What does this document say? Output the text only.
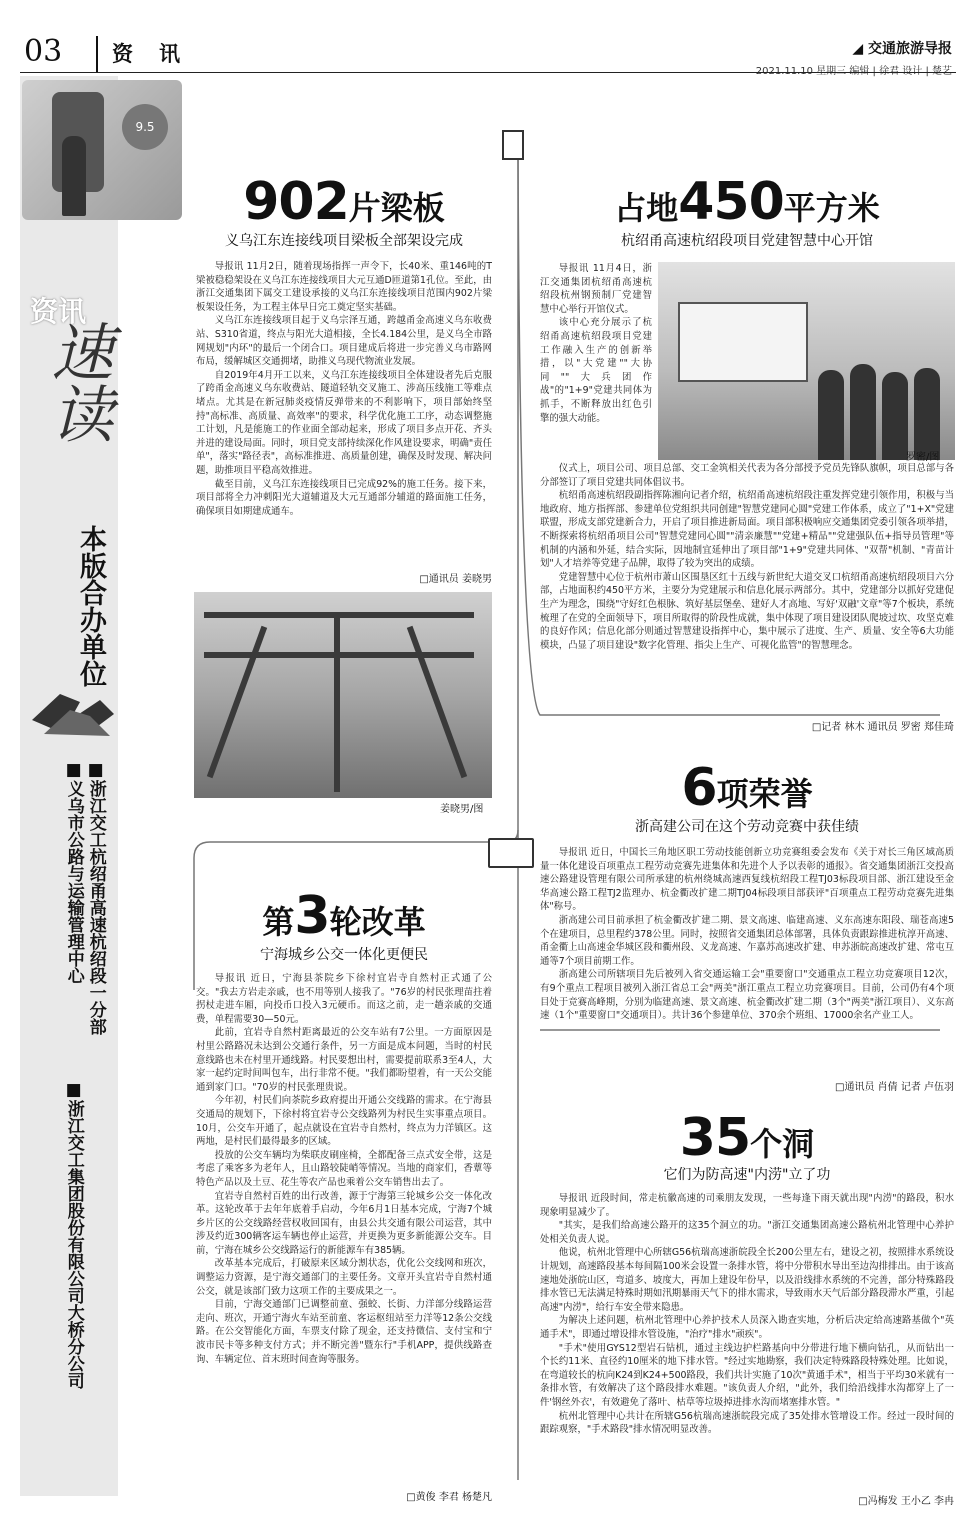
03 资讯	◢ 交通旅游导报
9.5
资讯
速读
本版合办单位
■浙江交工杭绍甬高速杭绍段一分部
■义乌市公路与运输管理中心
■浙江交工集团股份有限公司大桥分公司
902片梁板
义乌江东连接线项目梁板全部架设完成

导报讯 11月2日，随着现场指挥一声令下，长40米、重146吨的T梁被稳稳架设在义乌江东连接线项目大元互通D匝道第1孔位。至此，由浙江交通集团下属交工建设承接的义乌江东连接线项目范围内902片梁板架设任务，为工程主体早日完工奠定坚实基础。

义乌江东连接线项目起于义乌宗泽互通，跨越甬金高速义乌东收费站、S310省道，终点与阳光大道相接，全长4.184公里，是义乌全市路网规划"内环"的最后一个闭合口。项目建成后将进一步完善义乌市路网布局，缓解城区交通拥堵，助推义乌现代物流业发展。

自2019年4月开工以来，义乌江东连接线项目全体建设者先后克服了跨甬金高速义乌东收费站、隧道轻轨交叉施工、涉高压线施工等难点堵点。尤其是在新冠肺炎疫情反弹带来的不利影响下，项目部始终坚持"高标准、高质量、高效率"的要求，科学优化施工工序，动态调整施工计划，凡是能施工的作业面全部动起来，形成了项目多点开花、齐头并进的建设局面。同时，项目党支部持续深化作风建设要求，明确"责任单"，落实"路径表"，高标准推进、高质量创建，确保及时发现、解决问题，助推项目平稳高效推进。

截至目前，义乌江东连接线项目已完成92%的施工任务。接下来，项目部将全力冲刺阳光大道辅道及大元互通部分辅道的路面施工任务，确保项目如期建成通车。

□通讯员 姜晓男
姜晓男/图
占地450平方米
杭绍甬高速杭绍段项目党建智慧中心开馆
罗密/图

导报讯 11月4日，浙江交通集团杭绍甬高速杭绍段杭州钢预制厂党建智慧中心举行开馆仪式。

该中心充分展示了杭绍甬高速杭绍段项目党建工作融入生产的创新举措，以"大党建""大协同""大兵团作战"的"1+9"党建共同体为抓手，不断释放出红色引擎的强大动能。

仪式上，项目公司、项目总部、交工金筑相关代表为各分部授予党员先锋队旗帜，项目总部与各分部签订了项目党建共同体倡议书。

杭绍甬高速杭绍段副指挥陈湘向记者介绍，杭绍甬高速杭绍段注重发挥党建引领作用，积极与当地政府、地方指挥部、参建单位党组织共同创建"智慧党建同心圆"党建工作体系，成立了"1+X"党建联盟，形成支部党建新合力，开启了项目推进新局面。项目部积极响应交通集团党委引领各项举措，不断探索将杭绍甬项目公司"智慧党建同心圆""清亲廉慧""党建+精品""党建强队伍+指导员管理"等机制的内涵和外延，结合实际，因地制宜延伸出了项目部"1+9"党建共同体、"双帮"机制、"青苗计划"人才培养等党建子品牌，取得了较为突出的成绩。

党建智慧中心位于杭州市萧山区围垦区红十五线与新世纪大道交叉口杭绍甬高速杭绍段项目六分部，占地面积约450平方米，主要分为党建展示和信息化展示两部分。其中，党建部分以抓好党建促生产为理念，围绕"守好红色根脉、筑好基层堡垒、建好人才高地、写好'双融'文章"等7个板块，系统梳理了在党的全面领导下，项目所取得的阶段性成就，集中体现了项目建设团队爬坡过坎、攻坚克难的良好作风；信息化部分则通过智慧建设指挥中心，集中展示了进度、生产、质量、安全等6大功能模块，凸显了项目建设"数字化管理、指尖上生产、可视化监管"的智慧理念。

□记者 林木 通讯员 罗密 郑佳琦
第3轮改革
宁海城乡公交一体化更便民

导报讯 近日，宁海县茶院乡下徐村宜岩寺自然村正式通了公交。"我去方岩走亲戚，也不用等别人接我了。"76岁的村民张理苗拄着拐杖走进车厢，向投币口投入3元硬币。而这之前，走一趟亲戚的交通费，单程需要30—50元。

此前，宜岩寺自然村距离最近的公交车站有7公里。一方面原因是村里公路路况未达到公交通行条件，另一方面是成本问题，当时的村民意线路也未在村里开通线路。村民要想出村，需要提前联系3至4人，大家一起约定时间叫包车，出行非常不便。"我们都盼望着，有一天公交能通到家门口。"70岁的村民张理贵说。

今年初，村民们向茶院乡政府提出开通公交线路的需求。在宁海县交通局的规划下，下徐村将宜岩寺公交线路列为村民生实事重点项目。10月，公交车开通了，起点就设在宜岩寺自然村，终点为力洋镇区。这两地，是村民们最得最多的区域。

投放的公交车辆均为柴联皮刷座椅，全都配备三点式安全带，这是考虑了乘客多为老年人，且山路较陡峭等情况。当地的商家们，香蕈等特色产品以及土豆、花生等农产品也乘着公交车销售出去了。

宜岩寺自然村百姓的出行改善，源于宁海第三轮城乡公交一体化改革。这轮改革于去年年底着手启动，今年6月1日基本完成，宁海7个城乡片区的公交线路经营权收回国有，由县公共交通有限公司运营，其中涉及约近300辆客运车辆也停止运营，并更换为更多新能源公交车。目前，宁海在城乡公交线路运行的新能源车有385辆。

改革基本完成后，打破原来区域分割状态，优化公交线网和班次，调整运力资源，是宁海交通部门的主要任务。文章开头宜岩寺自然村通公交，就是该部门致力这项工作的主要成果之一。

目前，宁海交通部门已调整前童、强蛟、长街、力洋部分线路运营走向、班次，开通宁海火车站至前童、客运枢纽站至力洋等12条公交线路。在公交智能化方面，车票支付除了现金，还支持微信、支付宝和宁波市民卡等多种支付方式；并不断完善"暨东行"手机APP，提供线路查询、车辆定位、首末班时间查询等服务。

□黄俊 李君 杨楚凡
6项荣誉
浙高建公司在这个劳动竞赛中获佳绩

导报讯 近日，中国长三角地区职工劳动技能创新立功竞赛组委会发布《关于对长三角区域高质量一体化建设百项重点工程劳动竞赛先进集体和先进个人予以表彰的通报》。省交通集团浙江交投高速公路建设管理有限公司所承建的杭州绕城高速西复线杭绍段工程TJ03标段项目部、浙江建设至金华高速公路工程TJ2监理办、杭金衢改扩建二期TJ04标段项目部获评"百项重点工程劳动竞赛先进集体"称号。

浙高建公司目前承担了杭金衢改扩建二期、景文高速、临建高速、义东高速东阳段、瑞苍高速5个在建项目，总里程约378公里。同时，按照省交通集团总体部署，具体负责跟踪推进杭淳开高速、甬金衢上山高速金华城区段和衢州段、义龙高速、乍嘉苏高速改扩建、申苏浙皖高速改扩建、常屯互通等7个项目前期工作。

浙高建公司所辖项目先后被列入省交通运输工会"重要窗口"交通重点工程立功竞赛项目12次，有9个重点工程项目被列入浙江省总工会"两美"浙江重点工程立功竞赛项目。目前，公司仍有4个项目处于竞赛高峰期，分别为临建高速、景文高速、杭金衢改扩建二期（3个"两美"浙江项目）、义东高速（1个"重要窗口"交通项目）。共计36个参建单位、370余个班组、17000余名产业工人。

□通讯员 肖倩 记者 卢伍羽
35个洞
它们为防高速"内涝"立了功

导报讯 近段时间，常走杭徽高速的司乘朋友发现，一些每逢下雨天就出现"内涝"的路段，积水现象明显减少了。

"其实，是我们给高速公路开的这35个洞立的功。"浙江交通集团高速公路杭州北管理中心养护处相关负责人说。

他说，杭州北管理中心所辖G56杭瑞高速浙皖段全长200公里左右，建设之初，按照排水系统设计规划，高速路段基本每间隔100米会设置一条排水管，将中分带积水导出至边沟排排出。由于该高速地处浙皖山区，弯道多、坡度大，再加上建设年份早，以及沿线排水系统的不完善，部分特殊路段排水管已无法满足特殊时期如汛期暴雨天气下的排水需求，导致雨水天气后部分路段滞水严重，引起高速"内涝"，给行车安全带来隐患。

为解决上述问题，杭州北管理中心养护技术人员深入勘查实地，分析后决定给高速路基做个"英通手术"，即通过增设排水管设施，"治疗"排水"顽疾"。

"手术"使用GYS12型岩石钻机，通过主线边护栏路基向中分带进行地下横向钻孔，从而钻出一个长约11米、直径约10厘米的地下排水管。"经过实地勘察，我们决定特殊路段特殊处理。比如说，在弯道较长的杭向K24到K24+500路段，我们共计实施了10次"黄通手术"，相当于平均30米就有一条排水管，有效解决了这个路段排水难题。"该负责人介绍，"此外，我们给沿线排水沟都穿上了一件'钢丝外衣'，有效避免了落叶、枯草等垃圾掉进排水沟而堵塞排水管。"

杭州北管理中心共计在所辖G56杭瑞高速浙皖段完成了35处排水管增设工作。经过一段时间的跟踪观察，"手术路段"排水情况明显改善。

□冯梅发 王小乙 李冉
